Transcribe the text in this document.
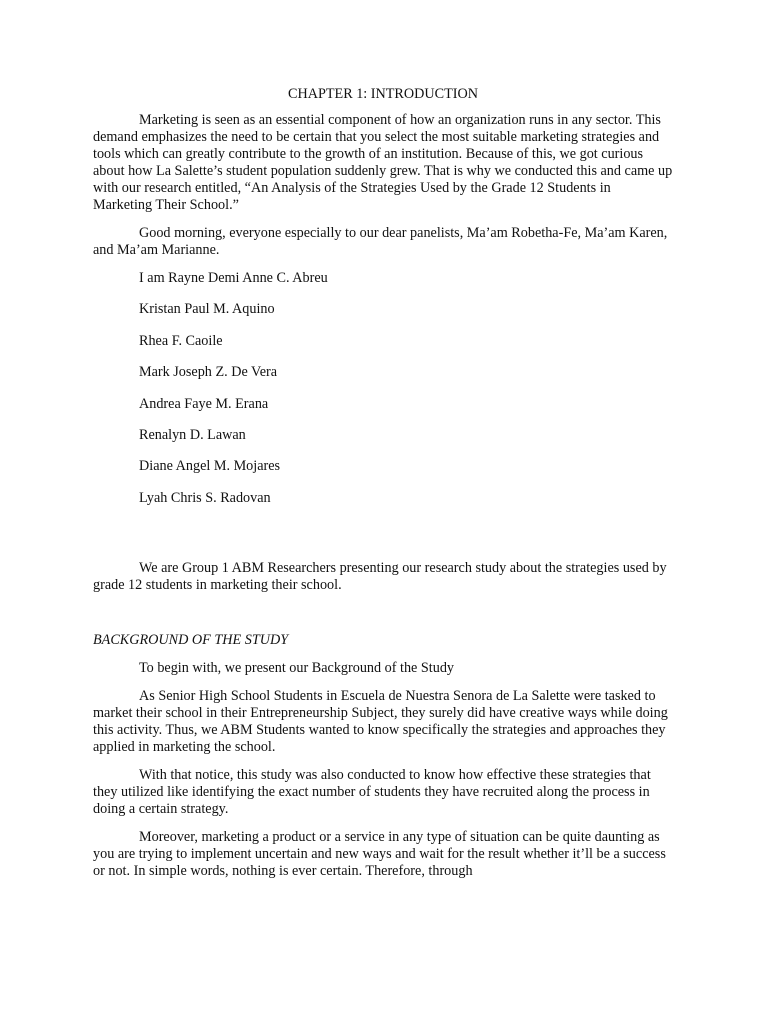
CHAPTER 1: INTRODUCTION

Marketing is seen as an essential component of how an organization runs in any sector. This demand emphasizes the need to be certain that you select the most suitable marketing strategies and tools which can greatly contribute to the growth of an institution. Because of this, we got curious about how La Salette’s student population suddenly grew. That is why we conducted this and came up with our research entitled, “An Analysis of the Strategies Used by the Grade 12 Students in Marketing Their School.”

Good morning, everyone especially to our dear panelists, Ma’am Robetha-Fe, Ma’am Karen, and Ma’am Marianne.

I am Rayne Demi Anne C. Abreu
Kristan Paul M. Aquino
Rhea F. Caoile
Mark Joseph Z. De Vera
Andrea Faye M. Erana
Renalyn D. Lawan
Diane Angel M. Mojares
Lyah Chris S. Radovan

We are Group 1 ABM Researchers presenting our research study about the strategies used by grade 12 students in marketing their school.

BACKGROUND OF THE STUDY

To begin with, we present our Background of the Study

As Senior High School Students in Escuela de Nuestra Senora de La Salette were tasked to market their school in their Entrepreneurship Subject, they surely did have creative ways while doing this activity. Thus, we ABM Students wanted to know specifically the strategies and approaches they applied in marketing the school.

With that notice, this study was also conducted to know how effective these strategies that they utilized like identifying the exact number of students they have recruited along the process in doing a certain strategy.

Moreover, marketing a product or a service in any type of situation can be quite daunting as you are trying to implement uncertain and new ways and wait for the result whether it’ll be a success or not. In simple words, nothing is ever certain. Therefore, through
